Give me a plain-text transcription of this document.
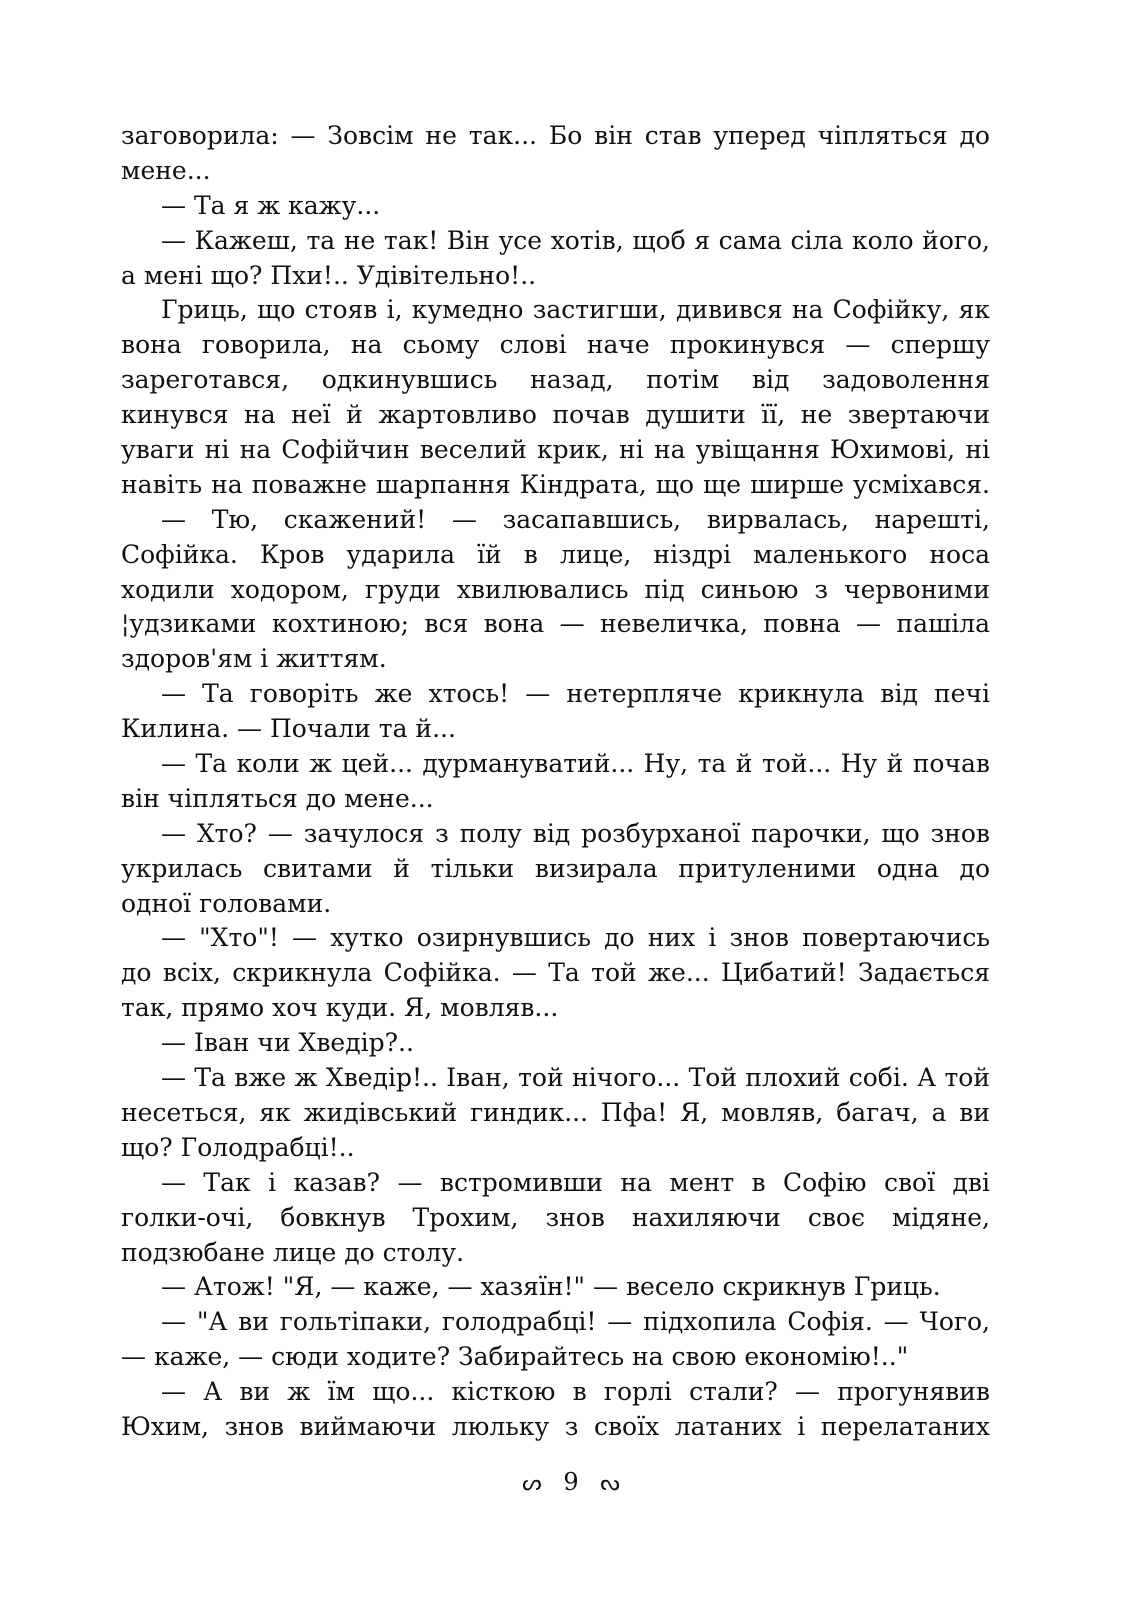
заговорила: — Зовсім не так... Бо він став уперед чіпляться до
мене...
— Та я ж кажу...
— Кажеш, та не так! Він усе хотів, щоб я сама сіла коло його,
а мені що? Пхи!.. Удівітельно!..
Гриць, що стояв і, кумедно застигши, дивився на Софійку, як
вона говорила, на сьому слові наче прокинувся — спершу
зареготався, одкинувшись назад, потім від задоволення
кинувся на неї й жартовливо почав душити її, не звертаючи
уваги ні на Софійчин веселий крик, ні на увіщання Юхимові, ні
навіть на поважне шарпання Кіндрата, що ще ширше усміхався.
— Тю, скажений! — засапавшись, вирвалась, нарешті,
Софійка. Кров ударила їй в лице, ніздрі маленького носа
ходили ходором, груди хвилювались під синьою з червоними
¦удзиками кохтиною; вся вона — невеличка, повна — пашіла
здоров'ям і життям.
— Та говоріть же хтось! — нетерпляче крикнула від печі
Килина. — Почали та й...
— Та коли ж цей... дурмануватий... Ну, та й той... Ну й почав
він чіпляться до мене...
— Хто? — зачулося з полу від розбурханої парочки, що знов
укрилась свитами й тільки визирала притуленими одна до
одної головами.
— "Хто"! — хутко озирнувшись до них і знов повертаючись
до всіх, скрикнула Софійка. — Та той же... Цибатий! Задається
так, прямо хоч куди. Я, мовляв...
— Іван чи Хведір?..
— Та вже ж Хведір!.. Іван, той нічого... Той плохий собі. А той
несеться, як жидівський гиндик... Пфа! Я, мовляв, багач, а ви
що? Голодрабці!..
— Так і казав? — встромивши на мент в Софію свої дві
голки-очі, бовкнув Трохим, знов нахиляючи своє мідяне,
подзюбане лице до столу.
— Атож! "Я, — каже, — хазяїн!" — весело скрикнув Гриць.
— "А ви гольтіпаки, голодрабці! — підхопила Софія. — Чого,
— каже, — сюди ходите? Забирайтесь на свою економію!.."
— А ви ж їм що... кісткою в горлі стали? — прогунявив
Юхим, знов виймаючи люльку з своїх латаних і перелатаних
ᔕ 9 ᔓ
